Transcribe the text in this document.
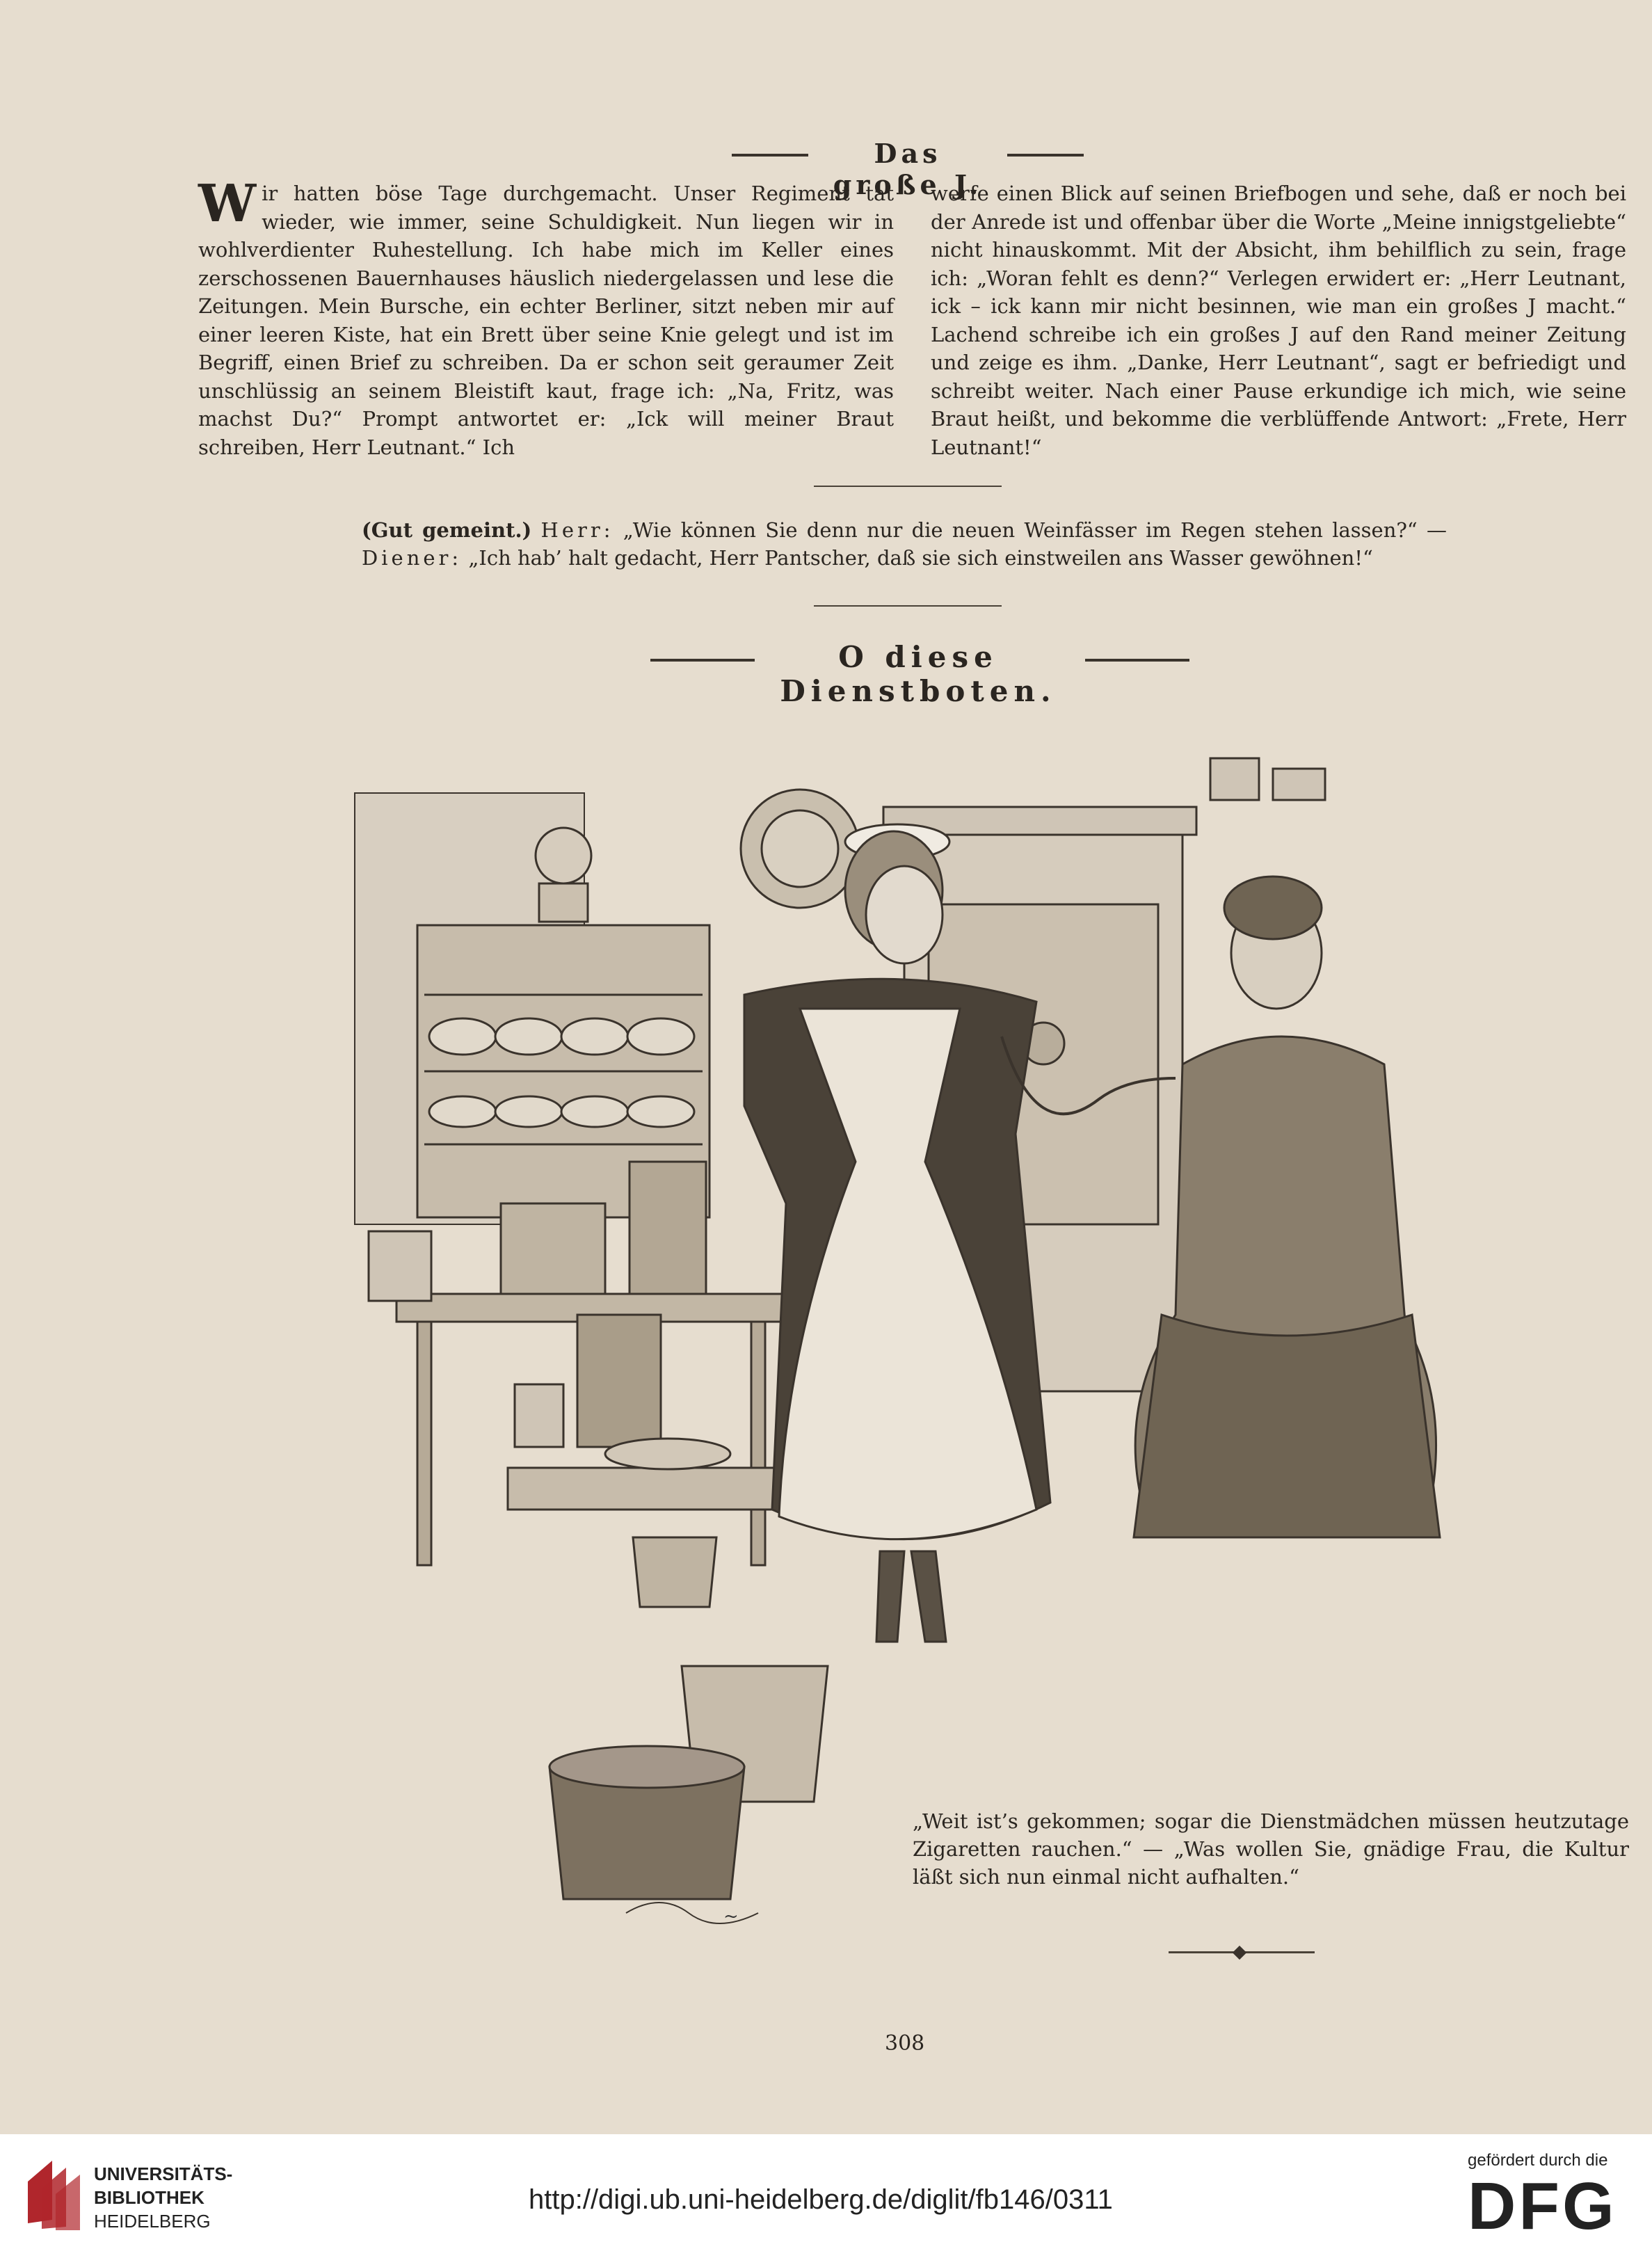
Das große J.
W ir hatten böse Tage durchgemacht. Unser Regiment tat wieder, wie immer, seine Schuldigkeit. Nun liegen wir in wohlverdienter Ruhestellung. Ich habe mich im Keller eines zerschossenen Bauernhauses häuslich niedergelassen und lese die Zeitungen. Mein Bursche, ein echter Berliner, sitzt neben mir auf einer leeren Kiste, hat ein Brett über seine Knie gelegt und ist im Begriff, einen Brief zu schreiben. Da er schon seit geraumer Zeit unschlüssig an seinem Bleistift kaut, frage ich: „Na, Fritz, was machst Du?“ Prompt antwortet er: „Ick will meiner Braut schreiben, Herr Leutnant.“ Ich
werfe einen Blick auf seinen Briefbogen und sehe, daß er noch bei der Anrede ist und offenbar über die Worte „Meine innigstgeliebte“ nicht hinauskommt. Mit der Absicht, ihm behilflich zu sein, frage ich: „Woran fehlt es denn?“ Verlegen erwidert er: „Herr Leutnant, ick – ick kann mir nicht besinnen, wie man ein großes J macht.“ Lachend schreibe ich ein großes J auf den Rand meiner Zeitung und zeige es ihm. „Danke, Herr Leutnant“, sagt er befriedigt und schreibt weiter. Nach einer Pause erkundige ich mich, wie seine Braut heißt, und bekomme die verblüffende Antwort: „Frete, Herr Leutnant!“
(Gut gemeint.) Herr: „Wie können Sie denn nur die neuen Weinfässer im Regen stehen lassen?“ — Diener: „Ich hab’ halt gedacht, Herr Pantscher, daß sie sich einstweilen ans Wasser gewöhnen!“
O diese Dienstboten.
~
„Weit ist’s gekommen; sogar die Dienstmädchen müssen heutzutage Zigaretten rauchen.“ — „Was wollen Sie, gnädige Frau, die Kultur läßt sich nun einmal nicht aufhalten.“
308
UNIVERSITÄTS-
BIBLIOTHEK
HEIDELBERG
http://digi.ub.uni-heidelberg.de/diglit/fb146/0311
gefördert durch die
DFG
